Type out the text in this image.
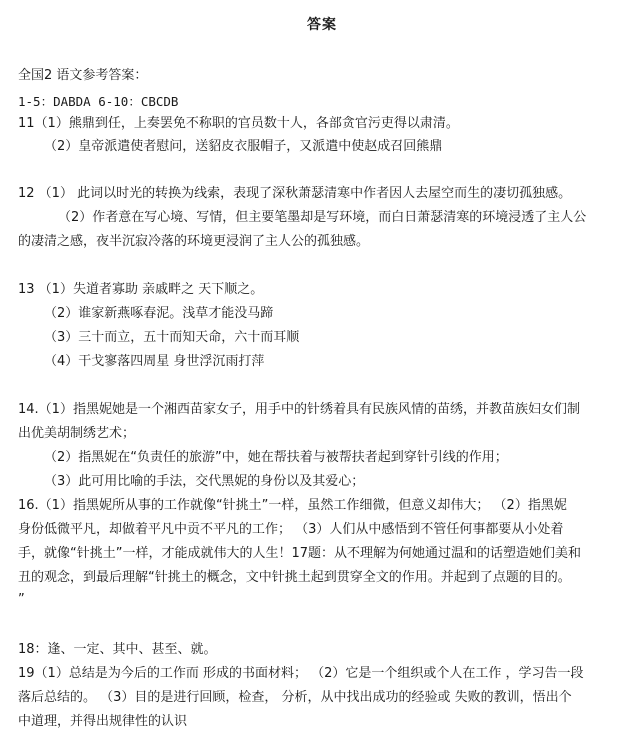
答案
全国2 语文参考答案：
1-5：DABDA 6-10：CBCDB
11（1）熊鼎到任，上奏罢免不称职的官员数十人，各部贪官污吏得以肃清。
（2）皇帝派遣使者慰问，送貂皮衣服帽子，又派遣中使赵成召回熊鼎
12 （1） 此词以时光的转换为线索，表现了深秋萧瑟清寒中作者因人去屋空而生的凄切孤独感。
（2）作者意在写心境、写情，但主要笔墨却是写环境，而白日萧瑟清寒的环境浸透了主人公
的凄清之感，夜半沉寂冷落的环境更浸润了主人公的孤独感。
13 （1）失道者寡助 亲戚畔之 天下顺之。
（2）谁家新燕啄春泥。浅草才能没马蹄
（3）三十而立，五十而知天命，六十而耳顺
（4）干戈寥落四周星 身世浮沉雨打萍
14.（1）指黑妮她是一个湘西苗家女子，用手中的针绣着具有民族风情的苗绣，并教苗族妇女们制
出优美胡制绣艺术；
（2）指黑妮在“负责任的旅游”中，她在帮扶着与被帮扶者起到穿针引线的作用；
（3）此可用比喻的手法，交代黑妮的身份以及其爱心；
16.（1）指黑妮所从事的工作就像“针挑土”一样，虽然工作细微，但意义却伟大； （2）指黑妮
身份低微平凡，却做着平凡中贡不平凡的工作； （3）人们从中感悟到不管任何事都要从小处着
手，就像“针挑土”一样，才能成就伟大的人生！17题：从不理解为何她通过温和的话塑造她们美和
丑的观念，到最后理解“针挑土的概念，文中针挑土起到贯穿全文的作用。并起到了点题的目的。
”
18：逢、一定、其中、甚至、就。
19（1）总结是为今后的工作而 形成的书面材料； （2）它是一个组织或个人在工作 ，学习告一段
落后总结的。 （3）目的是进行回顾，检查， 分析，从中找出成功的经验或 失败的教训，悟出个
中道理，并得出规律性的认识
